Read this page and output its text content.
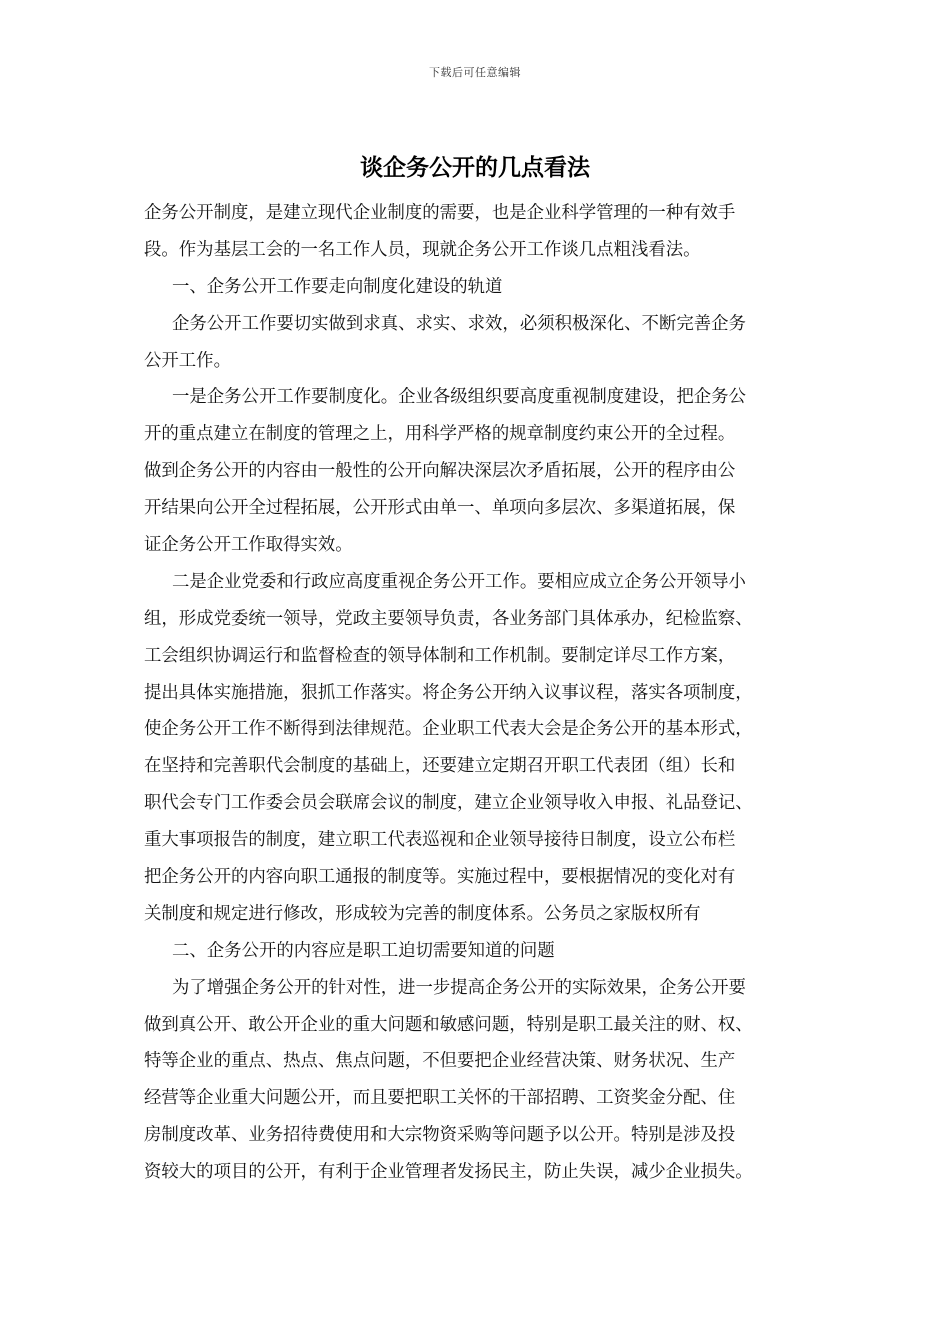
下载后可任意编辑
谈企务公开的几点看法
企务公开制度，是建立现代企业制度的需要，也是企业科学管理的一种有效手
段。作为基层工会的一名工作人员，现就企务公开工作谈几点粗浅看法。
一、企务公开工作要走向制度化建设的轨道
企务公开工作要切实做到求真、求实、求效，必须积极深化、不断完善企务
公开工作。
一是企务公开工作要制度化。企业各级组织要高度重视制度建设，把企务公
开的重点建立在制度的管理之上，用科学严格的规章制度约束公开的全过程。
做到企务公开的内容由一般性的公开向解决深层次矛盾拓展，公开的程序由公
开结果向公开全过程拓展，公开形式由单一、单项向多层次、多渠道拓展，保
证企务公开工作取得实效。
二是企业党委和行政应高度重视企务公开工作。要相应成立企务公开领导小
组，形成党委统一领导，党政主要领导负责，各业务部门具体承办，纪检监察、
工会组织协调运行和监督检查的领导体制和工作机制。要制定详尽工作方案，
提出具体实施措施，狠抓工作落实。将企务公开纳入议事议程，落实各项制度，
使企务公开工作不断得到法律规范。企业职工代表大会是企务公开的基本形式，
在坚持和完善职代会制度的基础上，还要建立定期召开职工代表团（组）长和
职代会专门工作委会员会联席会议的制度，建立企业领导收入申报、礼品登记、
重大事项报告的制度，建立职工代表巡视和企业领导接待日制度，设立公布栏
把企务公开的内容向职工通报的制度等。实施过程中，要根据情况的变化对有
关制度和规定进行修改，形成较为完善的制度体系。公务员之家版权所有
二、企务公开的内容应是职工迫切需要知道的问题
为了增强企务公开的针对性，进一步提高企务公开的实际效果，企务公开要
做到真公开、敢公开企业的重大问题和敏感问题，特别是职工最关注的财、权、
特等企业的重点、热点、焦点问题，不但要把企业经营决策、财务状况、生产
经营等企业重大问题公开，而且要把职工关怀的干部招聘、工资奖金分配、住
房制度改革、业务招待费使用和大宗物资采购等问题予以公开。特别是涉及投
资较大的项目的公开，有利于企业管理者发扬民主，防止失误，减少企业损失。
